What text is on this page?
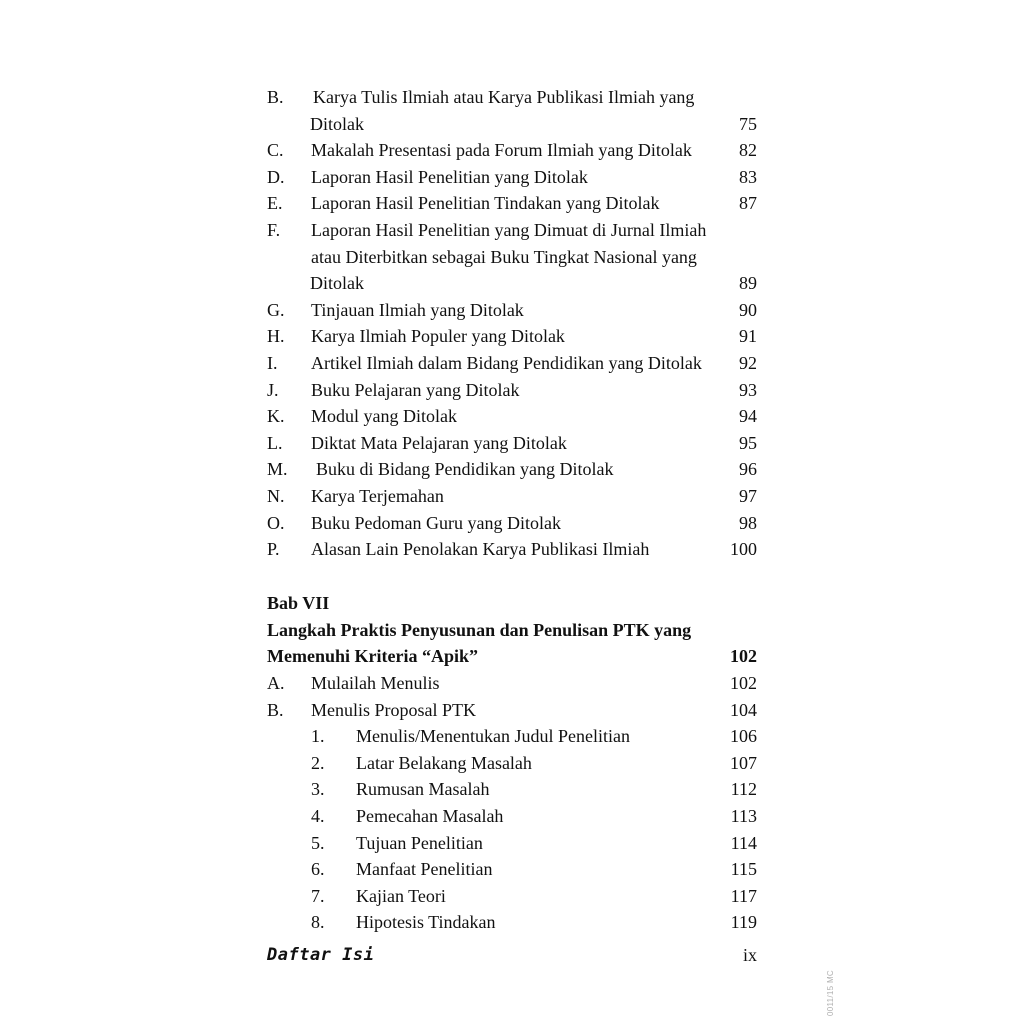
B. Karya Tulis Ilmiah atau Karya Publikasi Ilmiah yang
Ditolak	75
C. Makalah Presentasi pada Forum Ilmiah yang Ditolak	82
D. Laporan Hasil Penelitian yang Ditolak	83
E. Laporan Hasil Penelitian Tindakan yang Ditolak	87
F. Laporan Hasil Penelitian yang Dimuat di Jurnal Ilmiah
atau Diterbitkan sebagai Buku Tingkat Nasional yang
Ditolak	89
G. Tinjauan Ilmiah yang Ditolak	90
H. Karya Ilmiah Populer yang Ditolak	91
I. Artikel Ilmiah dalam Bidang Pendidikan yang Ditolak 92
J. Buku Pelajaran yang Ditolak	93
K. Modul yang Ditolak	94
L. Diktat Mata Pelajaran yang Ditolak	95
M. Buku di Bidang Pendidikan yang Ditolak	96
N. Karya Terjemahan	97
O. Buku Pedoman Guru yang Ditolak	98
P. Alasan Lain Penolakan Karya Publikasi Ilmiah	100
Bab VII
Langkah Praktis Penyusunan dan Penulisan PTK yang
Memenuhi Kriteria “Apik”	102
A. Mulailah Menulis	102
B. Menulis Proposal PTK	104
1. Menulis/Menentukan Judul Penelitian	106
2. Latar Belakang Masalah	107
3. Rumusan Masalah	112
4. Pemecahan Masalah	113
5. Tujuan Penelitian	114
6. Manfaat Penelitian	115
7. Kajian Teori	117
8. Hipotesis Tindakan	119
Daftar Isi	ix
0011/15 MC
